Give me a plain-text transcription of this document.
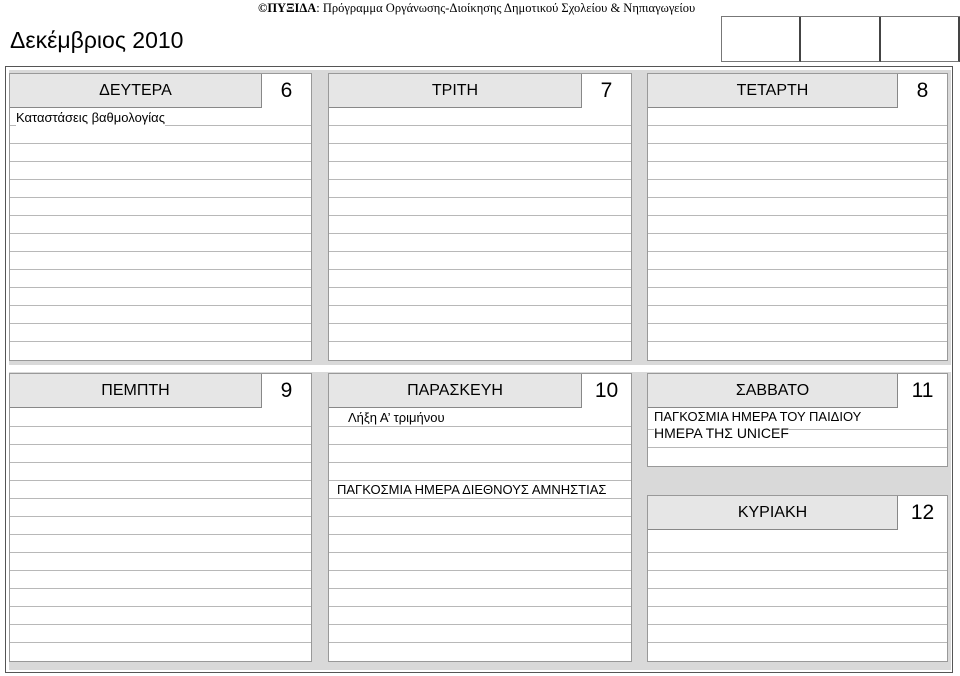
©ΠΥΞΙΔΑ: Πρόγραμμα Οργάνωσης-Διοίκησης Δημοτικού Σχολείου & Νηπιαγωγείου
Δεκέμβριος 2010
ΔΕΥΤΕΡΑ	6
Καταστάσεις βαθμολογίας
ΤΡΙΤΗ	7	ΤΕΤΑΡΤΗ	8
ΠΕΜΠΤΗ	9	ΠΑΡΑΣΚΕΥΗ	10
Λήξη Α’ τριμήνου
ΠΑΓΚΟΣΜΙΑ ΗΜΕΡΑ ΔΙΕΘΝΟΥΣ ΑΜΝΗΣΤΙΑΣ
ΣΑΒΒΑΤΟ	11
ΠΑΓΚΟΣΜΙΑ ΗΜΕΡΑ ΤΟΥ ΠΑΙΔΙΟΥ
ΗΜΕΡΑ ΤΗΣ UNICEF
ΚΥΡΙΑΚΗ	12
